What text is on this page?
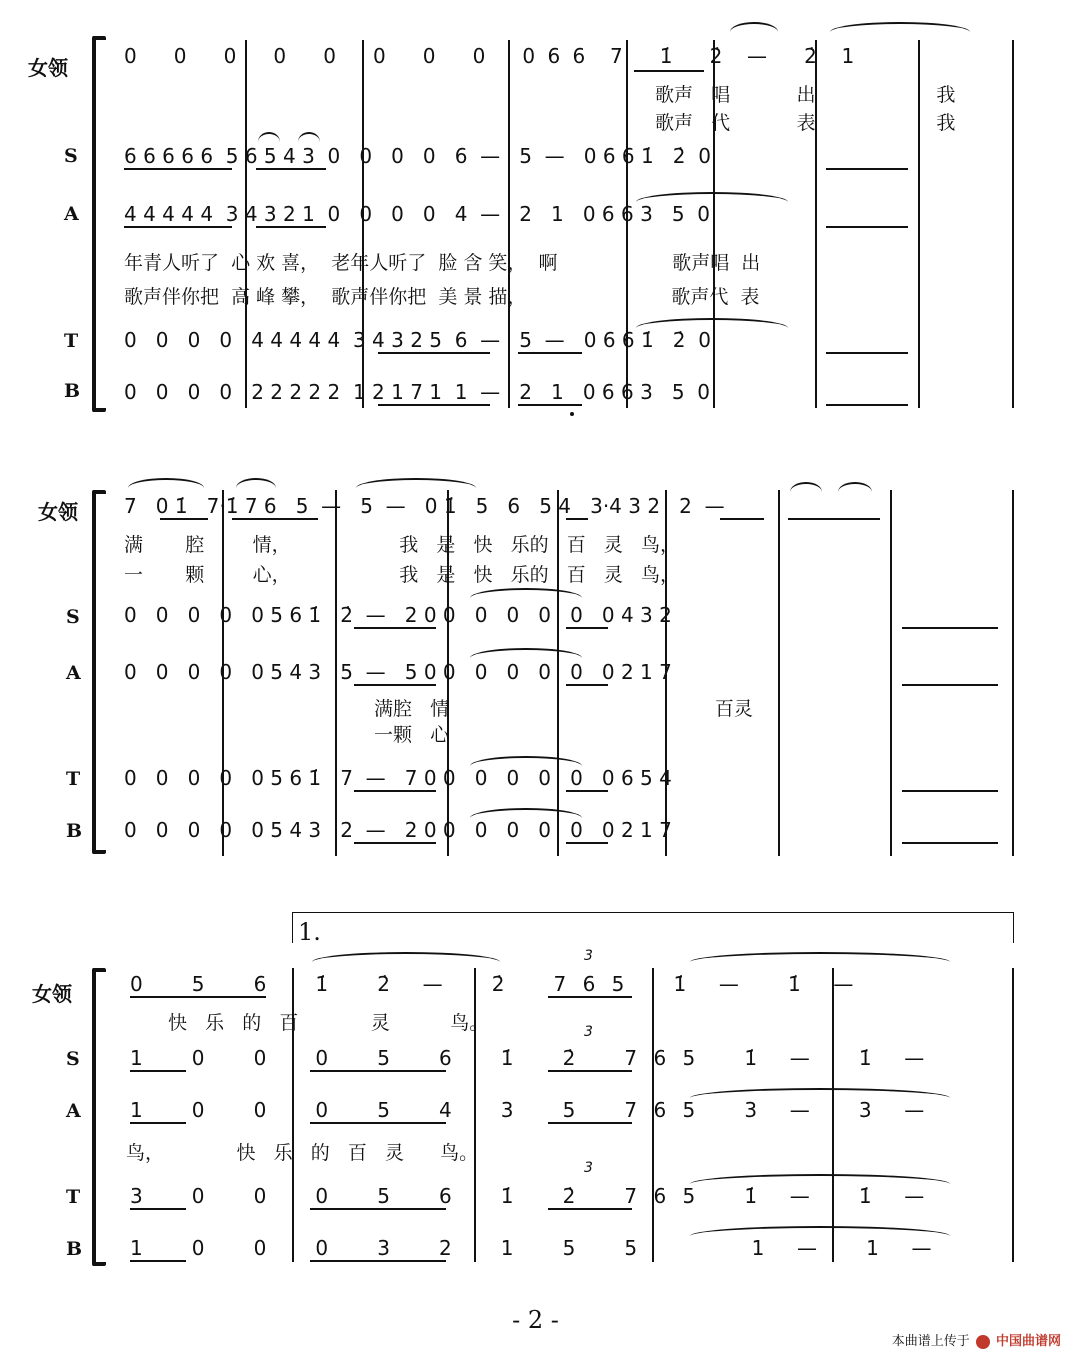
女领
S
A
T
B
0   0   0   0   0   0   0   0   0 6 6  7   1̇   2̇  —   2̇  1
歌声   唱           出                    我
歌声   代           表                    我
6 6 6 6 6  5 6 5 4 3  0   0   0   0   6  —   5  —   0 6 6 1̇   2̇  0
4 4 4 4 4  3 4 3 2 1  0   0   0   0   4  —   2   1   0 6 6 3   5  0
年青人听了  心 欢 喜，  老年人听了  脸 含 笑，  啊                   歌声唱  出
歌声伴你把  高 峰 攀，  歌声伴你把  美 景 描，                        歌声代  表
0   0   0   0   4 4 4 4 4  3 4 3 2 5  6  —   5  —   0 6 6 1̇   2̇  0
0   0   0   0   2 2 2 2 2  1 2 1 7 1  1  —   2   1   0 6 6 3   5  0
女领
S
A
T
B
7   0 1̇   7·1̇ 7 6   5  —   5  —   0 1̇   5   6   5 4   3·4 3 2   2  —
满       腔        情，                  我   是   快   乐的   百   灵   鸟，
一       颗        心，                  我   是   快   乐的   百   灵   鸟，
0   0   0   0   0 5 6 1̇   2̇  —   2 0 0   0   0   0   0   0 4 3 2
0   0   0   0   0 5 4 3   5  —   5 0 0   0   0   0   0   0 2 1 7
满腔   情                                            百灵
一颗   心
0   0   0   0   0 5 6 1̇   7  —   7 0 0   0   0   0   0   0 6 5 4
0   0   0   0   0 5 4 3   2  —   2 0 0   0   0   0   0   0 2 1 7
1.
女领
S
A
T
B
0   5   6   1̇   2̇  —   2̇   7 6 5   1̇  —   1̇  —
3
快   乐   的   百            灵          鸟。
1   0   0   0   5   6   1̇   2̇   7 6 5   1̇  —   1̇  —
3
1   0   0   0   5   4   3   5   7 6 5   3  —   3  —
鸟，            快   乐   的   百   灵      鸟。
3   0   0   0   5   6   1̇   2̇   7 6 5   1̇  —   1̇  —
3
1   0   0   0   3   2   1   5   5       1  —   1  —
- 2 -
本曲谱上传于 中国曲谱网
